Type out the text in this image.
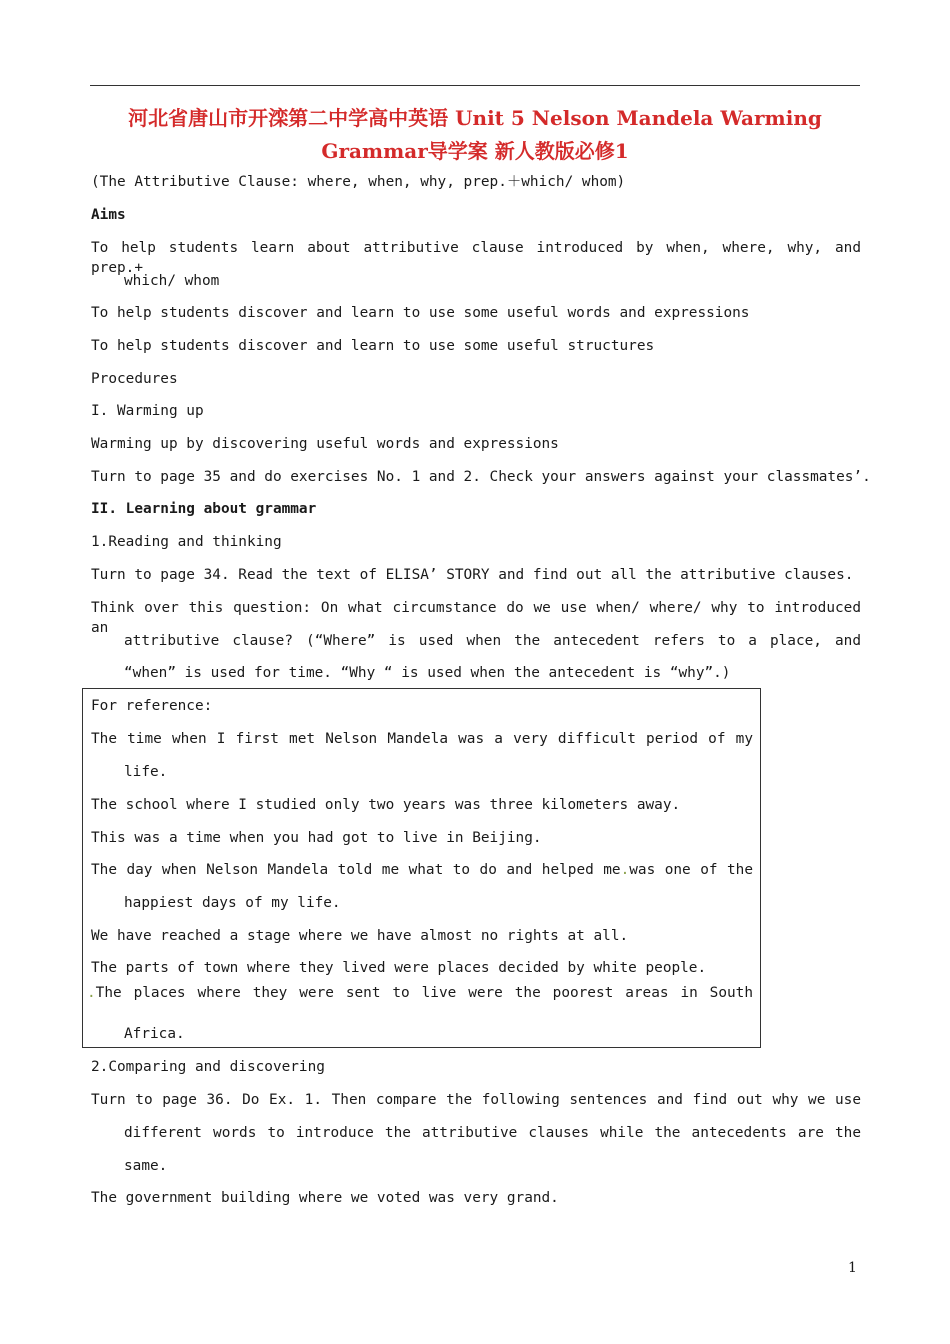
河北省唐山市开滦第二中学高中英语 Unit 5 Nelson Mandela Warming
Grammar导学案 新人教版必修1
(The Attributive Clause: where, when, why, prep.＋which/ whom)
Aims
To help students learn about attributive clause introduced by when, where, why, and prep.+
which/ whom
To help students discover and learn to use some useful words and expressions
To help students discover and learn to use some useful structures
Procedures
I. Warming up
Warming up by discovering useful words and expressions
Turn to page 35 and do exercises No. 1 and 2. Check your answers against your classmates’.
II. Learning about grammar
1.Reading and thinking
Turn to page 34. Read the text of ELISA’ STORY and find out all the attributive clauses.
Think over this question: On what circumstance do we use when/ where/ why to introduced an
attributive clause? (“Where” is used when the antecedent refers to a place, and
“when” is used for time. “Why “ is used when the antecedent is “why”.)
For reference:
The time when I first met Nelson Mandela was a very difficult period of my
life.
The school where I studied only two years was three kilometers away.
This was a time when you had got to live in Beijing.
The day when Nelson Mandela told me what to do and helped me.was one of the
happiest days of my life.
We have reached a stage where we have almost no rights at all.
The parts of town where they lived were places decided by white people.
.The places where they were sent to live were the poorest areas in South
Africa.
2.Comparing and discovering
Turn to page 36. Do Ex. 1. Then compare the following sentences and find out why we use
different words to introduce the attributive clauses while the antecedents are the
same.
The government building where we voted was very grand.
1
